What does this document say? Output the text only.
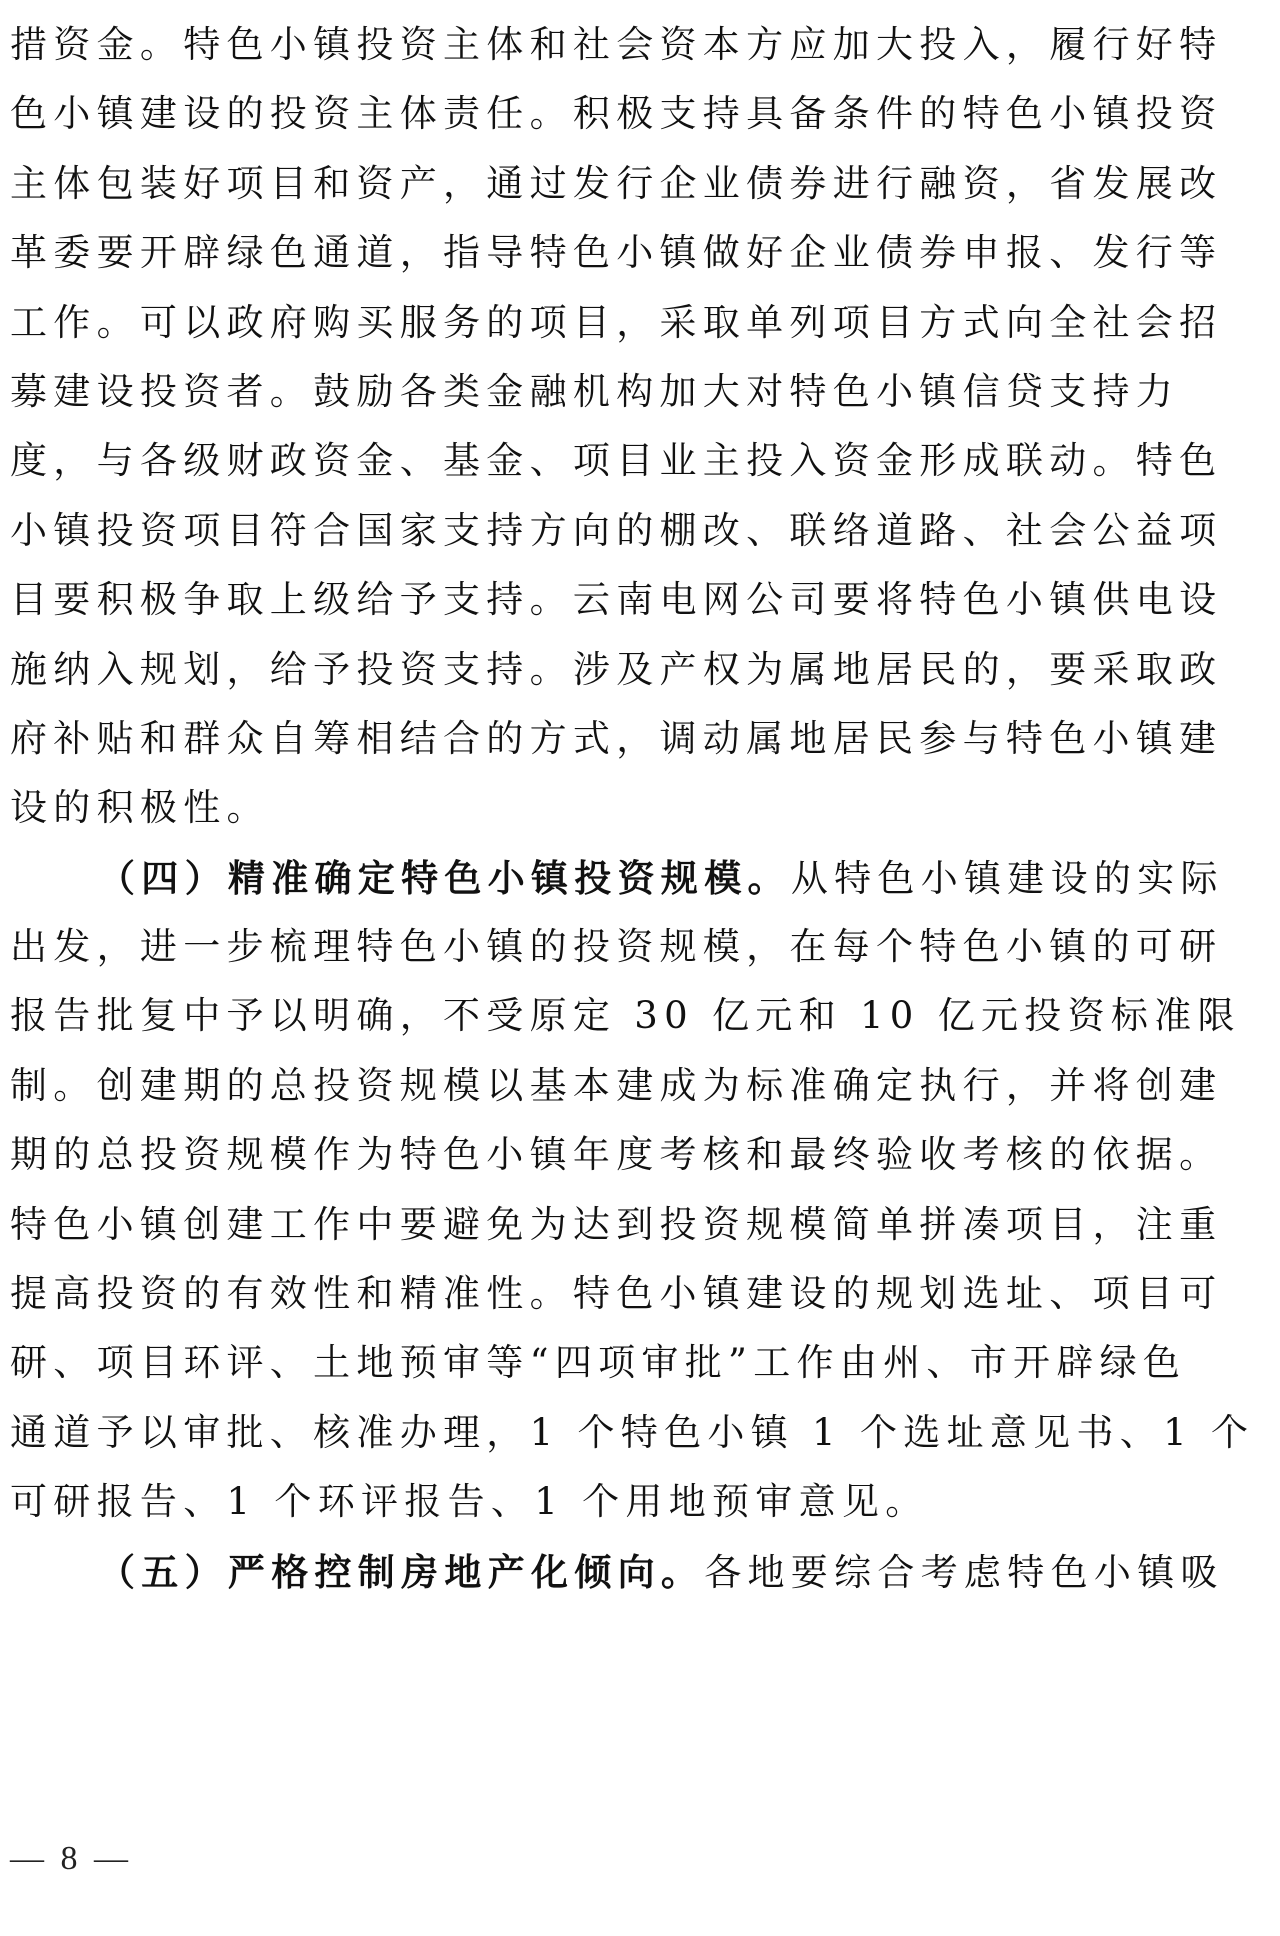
措资金。特色小镇投资主体和社会资本方应加大投入，履行好特
色小镇建设的投资主体责任。积极支持具备条件的特色小镇投资
主体包装好项目和资产，通过发行企业债券进行融资，省发展改
革委要开辟绿色通道，指导特色小镇做好企业债券申报、发行等
工作。可以政府购买服务的项目，采取单列项目方式向全社会招
募建设投资者。鼓励各类金融机构加大对特色小镇信贷支持力
度，与各级财政资金、基金、项目业主投入资金形成联动。特色
小镇投资项目符合国家支持方向的棚改、联络道路、社会公益项
目要积极争取上级给予支持。云南电网公司要将特色小镇供电设
施纳入规划，给予投资支持。涉及产权为属地居民的，要采取政
府补贴和群众自筹相结合的方式，调动属地居民参与特色小镇建
设的积极性。
（四）精准确定特色小镇投资规模。从特色小镇建设的实际
出发，进一步梳理特色小镇的投资规模，在每个特色小镇的可研
报告批复中予以明确，不受原定 30 亿元和 10 亿元投资标准限
制。创建期的总投资规模以基本建成为标准确定执行，并将创建
期的总投资规模作为特色小镇年度考核和最终验收考核的依据。
特色小镇创建工作中要避免为达到投资规模简单拼凑项目，注重
提高投资的有效性和精准性。特色小镇建设的规划选址、项目可
研、项目环评、土地预审等“四项审批”工作由州、市开辟绿色
通道予以审批、核准办理，1 个特色小镇 1 个选址意见书、1 个
可研报告、1 个环评报告、1 个用地预审意见。
（五）严格控制房地产化倾向。各地要综合考虑特色小镇吸
— 8 —
